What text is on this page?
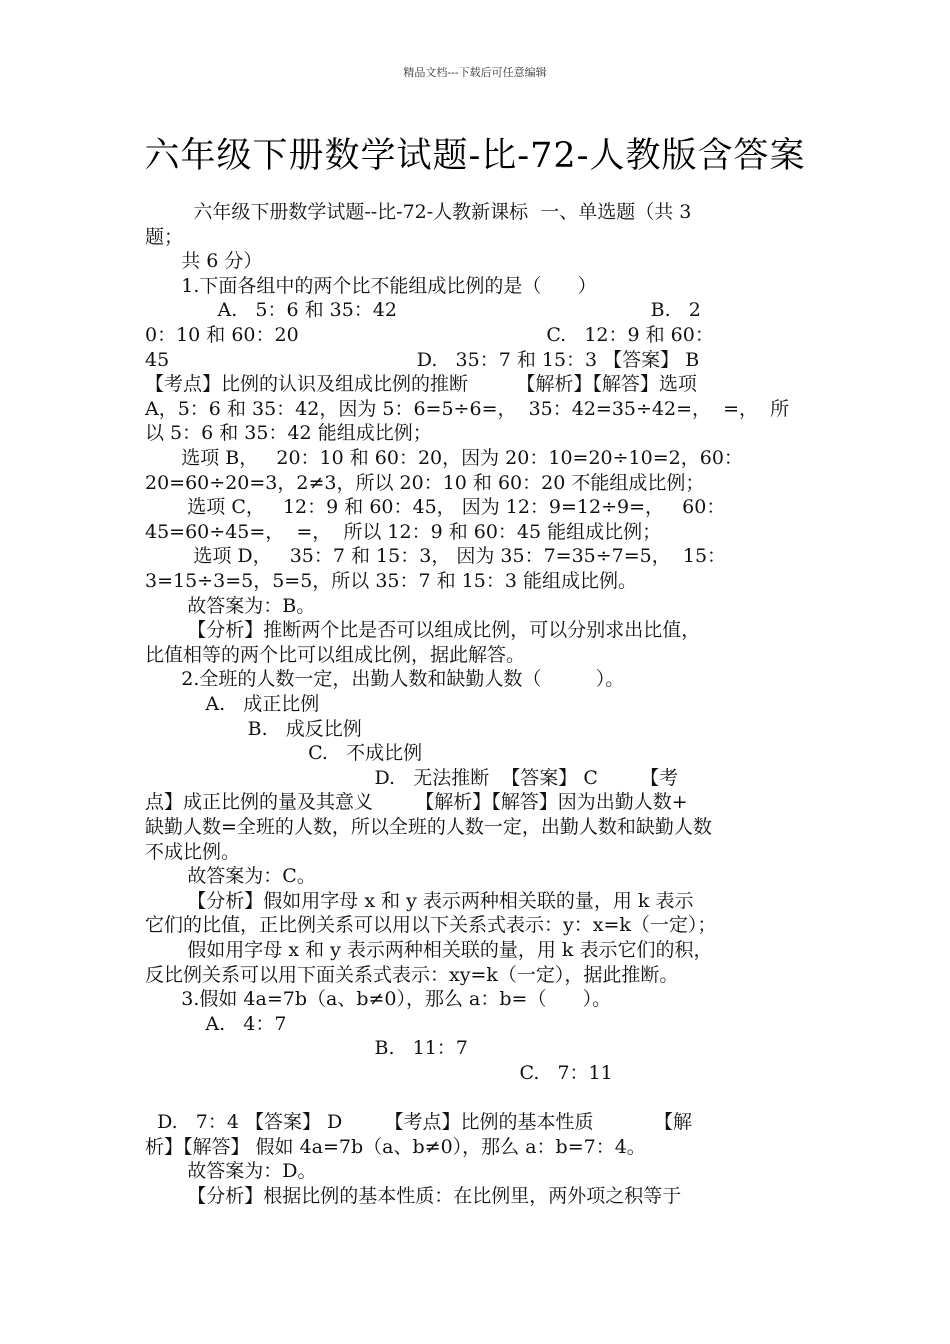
精品文档---下载后可任意编辑
六年级下册数学试题-比-72-人教版含答案
六年级下册数学试题--比-72-人教新课标  一、单选题（共 3
题；
共 6 分）
1.下面各组中的两个比不能组成比例的是（      ）
A.   5：6 和 35：42                                          B.   2
0：10 和 60：20                                         C.   12：9 和 60：
45                                         D.   35：7 和 15：3 【答案】 B
【考点】比例的认识及组成比例的推断        【解析】【解答】选项
A，5：6 和 35：42，因为 5：6=5÷6=，  35：42=35÷42=，  =，  所
以 5：6 和 35：42 能组成比例；
选项 B，   20：10 和 60：20，因为 20：10=20÷10=2，60：
20=60÷20=3，2≠3，所以 20：10 和 60：20 不能组成比例；
选项 C，   12：9 和 60：45， 因为 12：9=12÷9=，   60：
45=60÷45=，  =，  所以 12：9 和 60：45 能组成比例；
选项 D，   35：7 和 15：3， 因为 35：7=35÷7=5，  15：
3=15÷3=5，5=5，所以 35：7 和 15：3 能组成比例。
故答案为：B。
【分析】推断两个比是否可以组成比例，可以分别求出比值，
比值相等的两个比可以组成比例，据此解答。
2.全班的人数一定，出勤人数和缺勤人数（         ）。
A.   成正比例
B.   成反比例
C.   不成比例
D.   无法推断  【答案】 C       【考
点】成正比例的量及其意义       【解析】【解答】因为出勤人数+
缺勤人数=全班的人数，所以全班的人数一定，出勤人数和缺勤人数
不成比例。
故答案为：C。
【分析】假如用字母 x 和 y 表示两种相关联的量，用 k 表示
它们的比值，正比例关系可以用以下关系式表示：y：x=k（一定）；
假如用字母 x 和 y 表示两种相关联的量，用 k 表示它们的积，
反比例关系可以用下面关系式表示：xy=k（一定），据此推断。
3.假如 4a=7b（a、b≠0），那么 a：b=（      ）。
A.   4：7
B.   11：7
C.   7：11
D.   7：4 【答案】 D       【考点】比例的基本性质          【解
析】【解答】 假如 4a=7b（a、b≠0），那么 a：b=7：4。
故答案为：D。
【分析】根据比例的基本性质：在比例里，两外项之积等于
